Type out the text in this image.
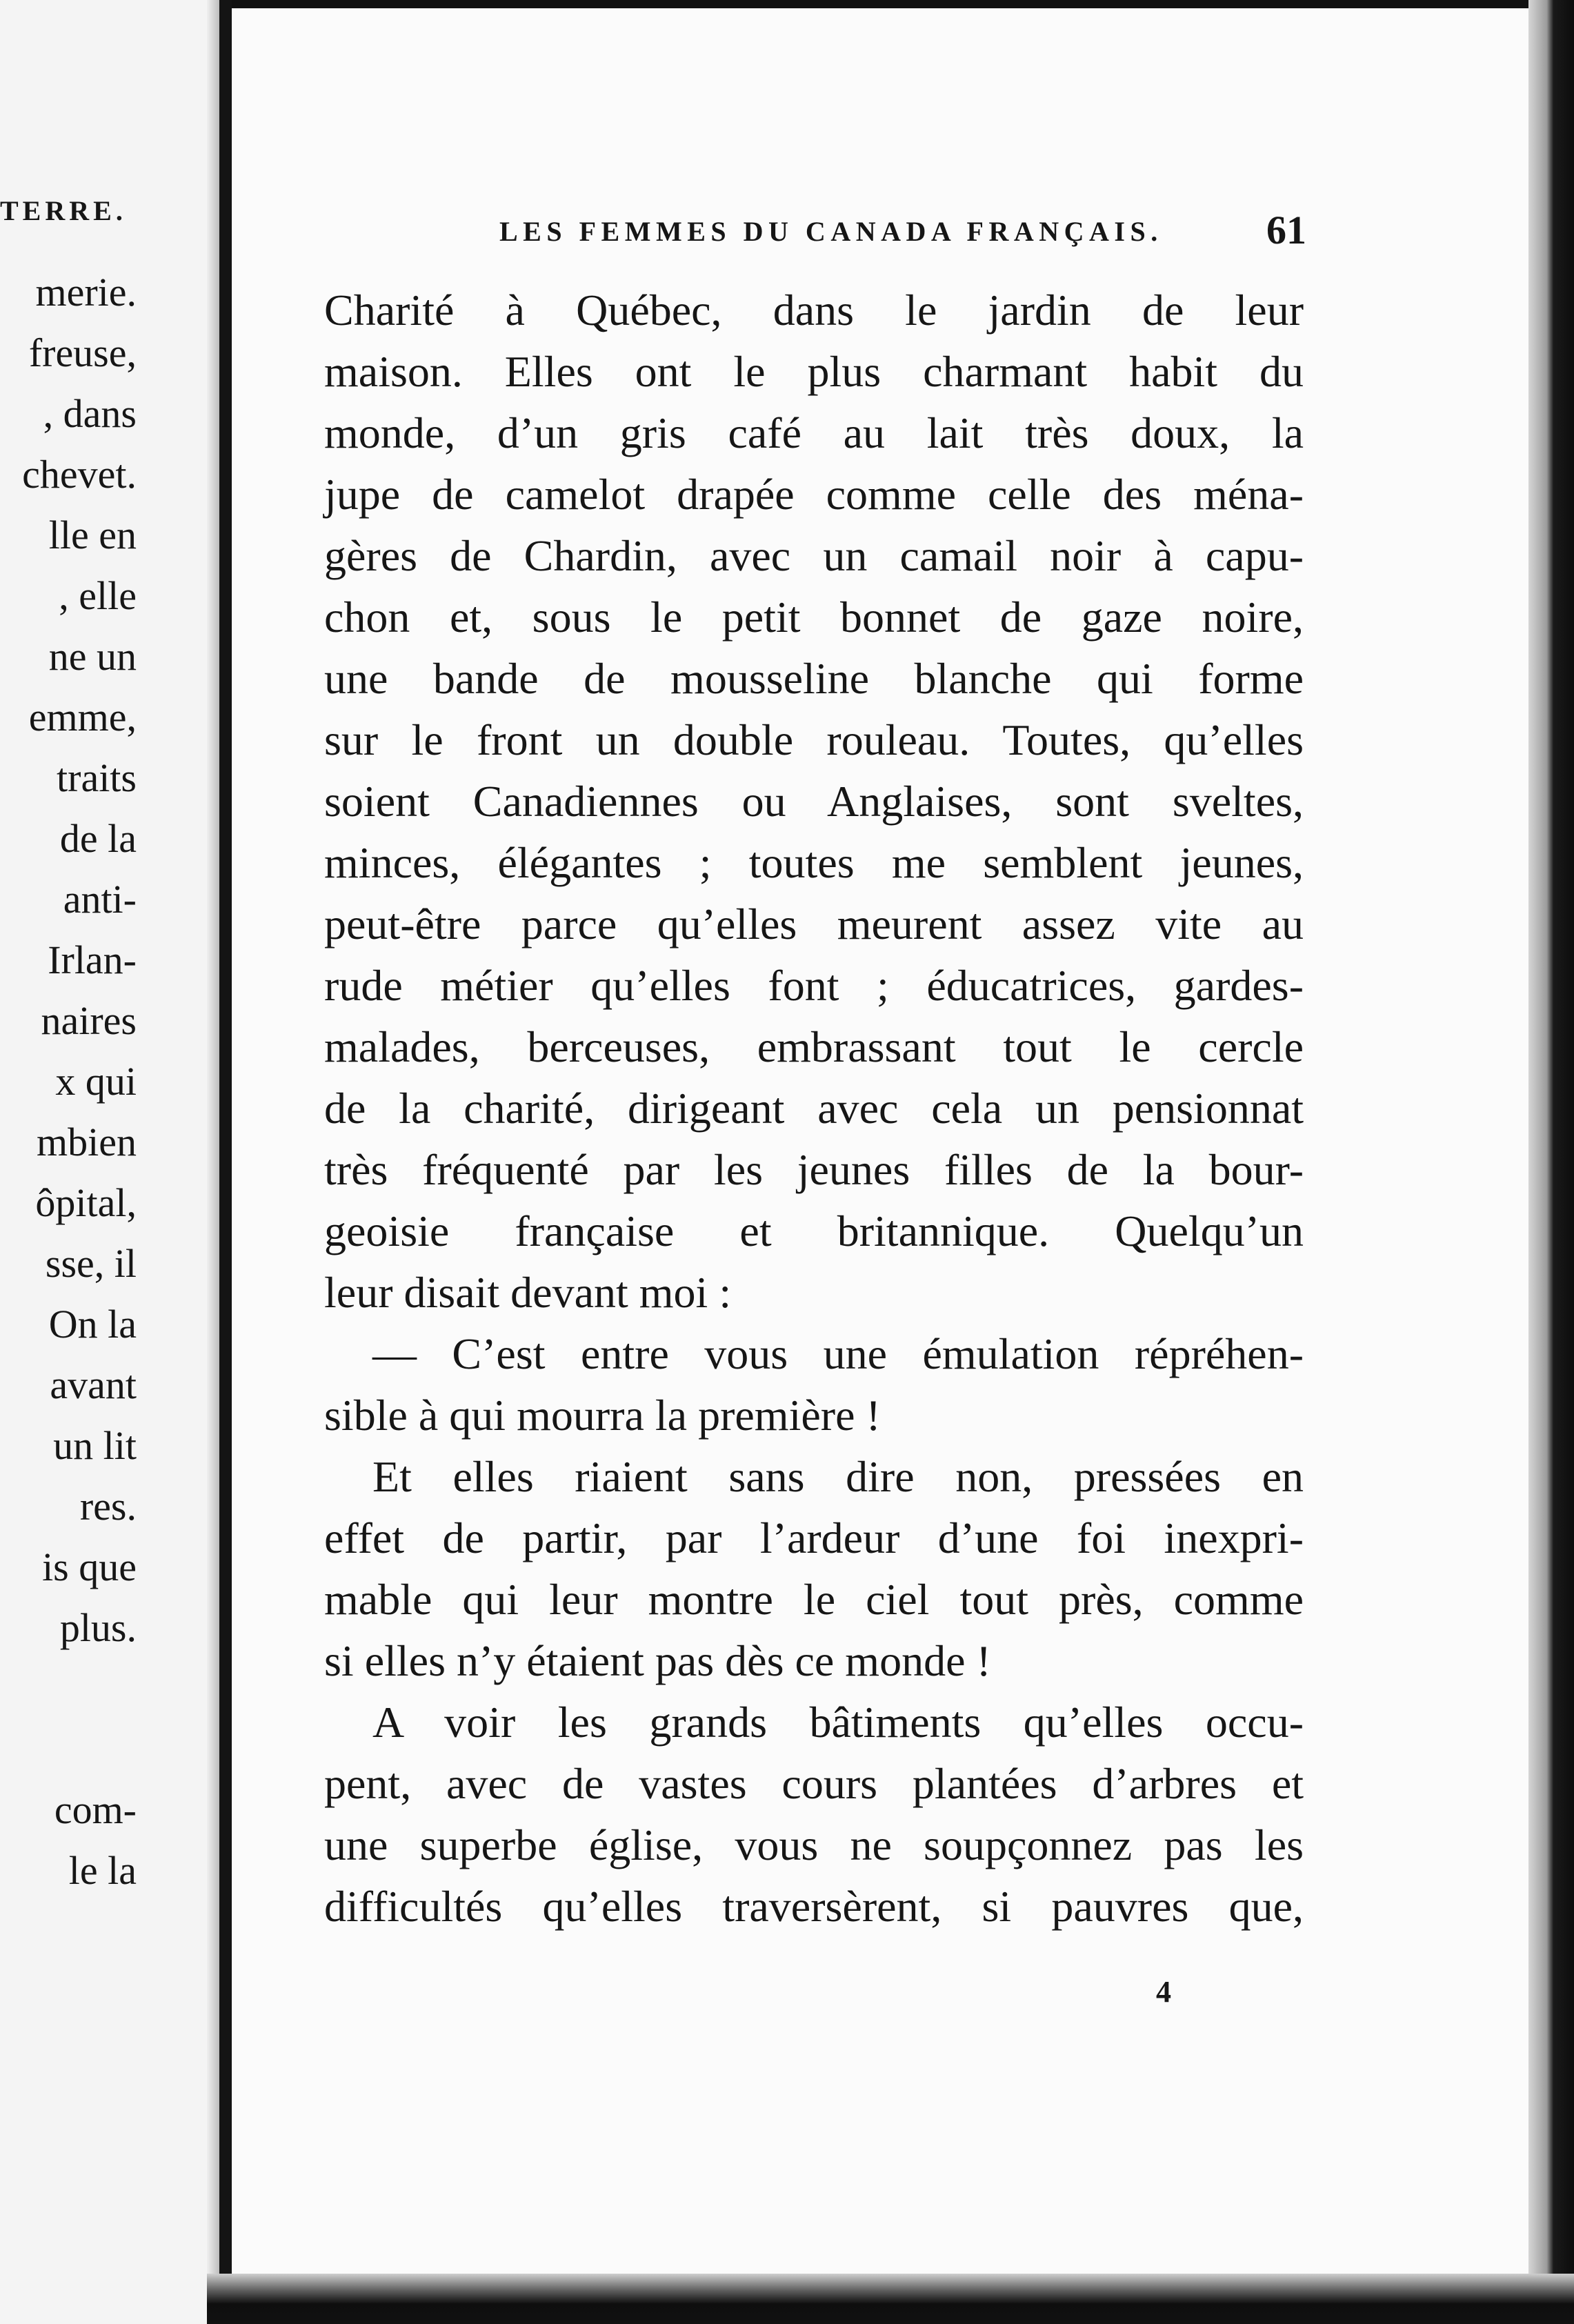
TERRE.
merie.
freuse,
, dans
chevet.
lle en
, elle
ne un
emme,
traits
de la
anti-
Irlan-
naires
x qui
mbien
ôpital,
sse, il
On la
avant
un lit
res.
is que
plus.
com-
le la
LES FEMMES DU CANADA FRANÇAIS.	61
Charité à Québec, dans le jardin de leur
maison. Elles ont le plus charmant habit du
monde, d’un gris café au lait très doux, la
jupe de camelot drapée comme celle des ména-
gères de Chardin, avec un camail noir à capu-
chon et, sous le petit bonnet de gaze noire,
une bande de mousseline blanche qui forme
sur le front un double rouleau. Toutes, qu’elles
soient Canadiennes ou Anglaises, sont sveltes,
minces, élégantes ; toutes me semblent jeunes,
peut-être parce qu’elles meurent assez vite au
rude métier qu’elles font ; éducatrices, gardes-
malades, berceuses, embrassant tout le cercle
de la charité, dirigeant avec cela un pensionnat
très fréquenté par les jeunes filles de la bour-
geoisie française et britannique. Quelqu’un
leur disait devant moi :
— C’est entre vous une émulation répréhen-
sible à qui mourra la première !
Et elles riaient sans dire non, pressées en
effet de partir, par l’ardeur d’une foi inexpri-
mable qui leur montre le ciel tout près, comme
si elles n’y étaient pas dès ce monde !
A voir les grands bâtiments qu’elles occu-
pent, avec de vastes cours plantées d’arbres et
une superbe église, vous ne soupçonnez pas les
difficultés qu’elles traversèrent, si pauvres que,
4
